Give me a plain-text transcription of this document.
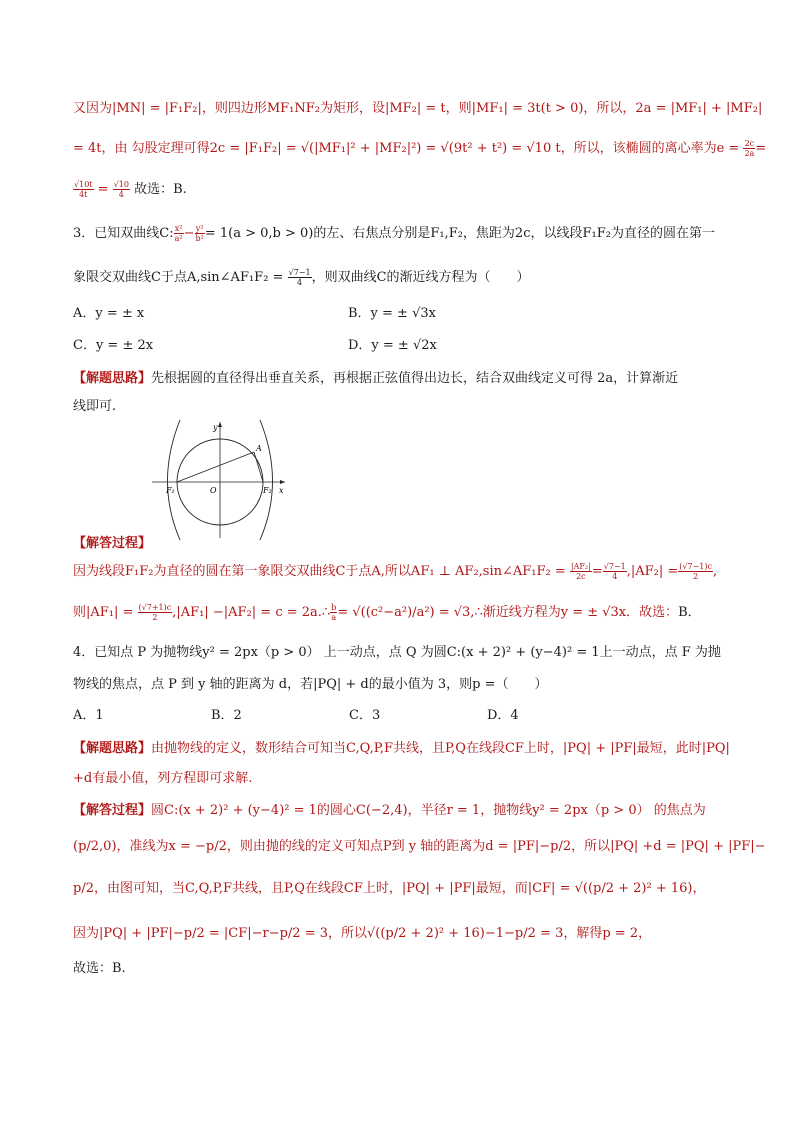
又因为|MN| = |F₁F₂|，则四边形MF₁NF₂为矩形，设|MF₂| = t，则|MF₁| = 3t(t > 0)，所以，2a = |MF₁| + |MF₂|
= 4t，由 勾股定理可得2c = |F₁F₂| = √(|MF₁|² + |MF₂|²) = √(9t² + t²) = √10 t，所以，该椭圆的离心率为$e = \frac{2c}{2a}$ =
$\frac{√10t}{4t} = \frac{√10}{4}$ 故选：B.
3．已知双曲线C: $\frac{\text{x²}}{\text{a²}} - \frac{\text{y²}}{\text{b²}} = 1(a > 0,b > 0)$的左、右焦点分别是F₁,F₂，焦距为2c，以线段F₁F₂为直径的圆在第一
象限交双曲线C于点A,sin∠AF₁F₂ = $\frac{√7-1}{4}$ ，则双曲线C的渐近线方程为（　　）
A．y = ± x	B．y = ± √3x
C．y = ± 2x	D．y = ± √2x
【解题思路】先根据圆的直径得出垂直关系，再根据正弦值得出边长，结合双曲线定义可得 2a，计算渐近
线即可.
y
x
A
O
F₁	F₂
【解答过程】
因为线段F₁F₂为直径的圆在第一象限交双曲线C于点A,所以AF₁ ⊥ AF₂,sin∠AF₁F₂ = $\frac{\text{|AF₂|}}{2c} = \frac{√7-1}{4} ,|AF_2| = \frac{(√7-1)c}{2}$ ,
则$|AF_1| = \frac{(√7+1)c}{2} ,|AF_1| -|AF_2| = c$ = 2a.∴ $\frac{b}{a} = √((c^2-a^2)/a^2)$ = √3,∴渐近线方程为y = ± √3x．故选：B．
4．已知点 P 为抛物线y² = 2px（p > 0） 上一动点，点 Q 为圆C:(x + 2)² + (y−4)² = 1上一动点，点 F 为抛
物线的焦点，点 P 到 y 轴的距离为 d，若|PQ| + d的最小值为 3，则p =（　　）
A．1	B．2	C．3	D．4
【解题思路】由抛物线的定义，数形结合可知当C,Q,P,F共线，且P,Q在线段CF上时，|PQ| + |PF|最短，此时|PQ|
+d有最小值，列方程即可求解.
【解答过程】圆C:(x + 2)² + (y−4)² = 1的圆心C(−2,4)，半径r = 1，抛物线y² = 2px（p > 0） 的焦点为
(p/2,0)，准线为x = −p/2，则由抛的线的定义可知点P到 y 轴的距离为d = |PF|−p/2，所以|PQ| +d = |PQ| + |PF|−
p/2，由图可知，当C,Q,P,F共线，且P,Q在线段CF上时，|PQ| + |PF|最短，而|CF| = √((p/2 + 2)² + 16)，
因为|PQ| + |PF|−p/2 = |CF|−r−p/2 = 3，所以√((p/2 + 2)² + 16)−1−p/2 = 3，解得p = 2，
故选：B.
